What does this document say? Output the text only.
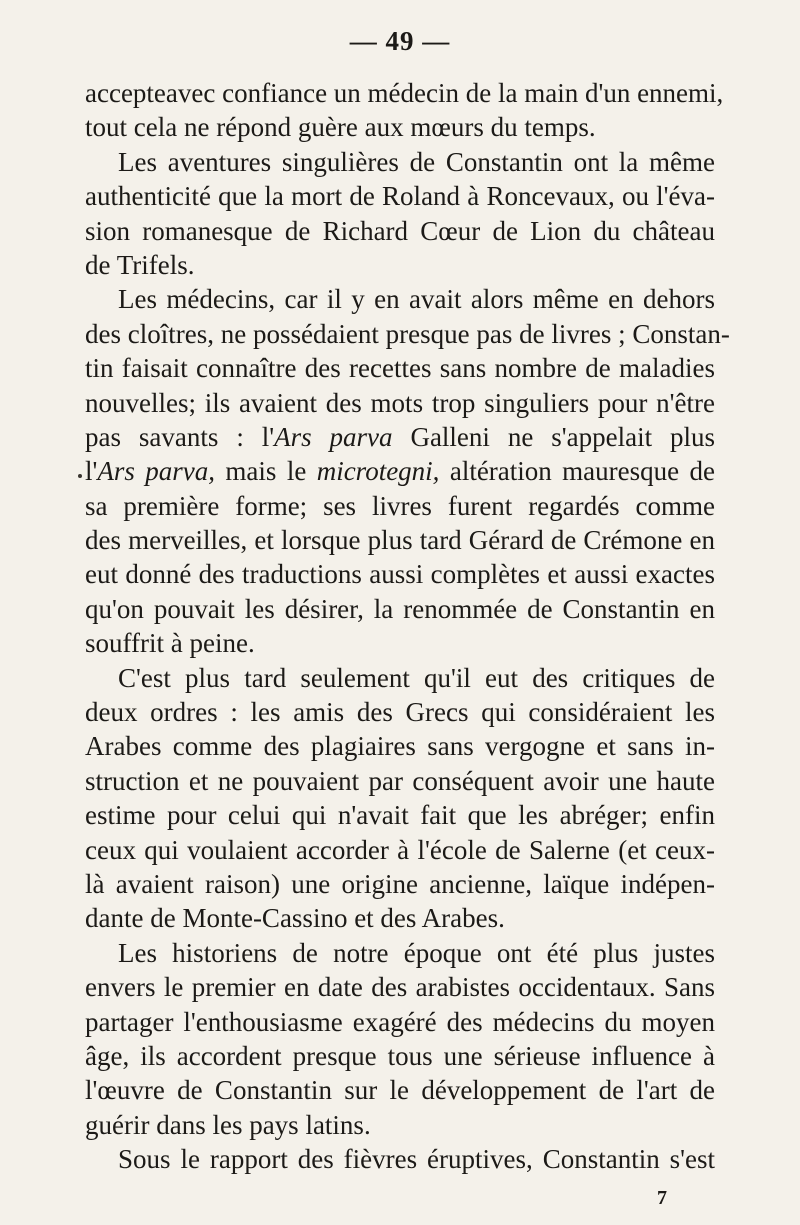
— 49 —
accepteavec confiance un médecin de la main d'un ennemi,
tout cela ne répond guère aux mœurs du temps.
Les aventures singulières de Constantin ont la même
authenticité que la mort de Roland à Roncevaux, ou l'éva-
sion romanesque de Richard Cœur de Lion du château
de Trifels.
Les médecins, car il y en avait alors même en dehors
des cloîtres, ne possédaient presque pas de livres ; Constan-
tin faisait connaître des recettes sans nombre de maladies
nouvelles; ils avaient des mots trop singuliers pour n'être
pas savants : l'Ars parva Galleni ne s'appelait plus
l'Ars parva, mais le microtegni, altération mauresque de
sa première forme; ses livres furent regardés comme
des merveilles, et lorsque plus tard Gérard de Crémone en
eut donné des traductions aussi complètes et aussi exactes
qu'on pouvait les désirer, la renommée de Constantin en
souffrit à peine.
C'est plus tard seulement qu'il eut des critiques de
deux ordres : les amis des Grecs qui considéraient les
Arabes comme des plagiaires sans vergogne et sans in-
struction et ne pouvaient par conséquent avoir une haute
estime pour celui qui n'avait fait que les abréger; enfin
ceux qui voulaient accorder à l'école de Salerne (et ceux-
là avaient raison) une origine ancienne, laïque indépen-
dante de Monte-Cassino et des Arabes.
Les historiens de notre époque ont été plus justes
envers le premier en date des arabistes occidentaux. Sans
partager l'enthousiasme exagéré des médecins du moyen
âge, ils accordent presque tous une sérieuse influence à
l'œuvre de Constantin sur le développement de l'art de
guérir dans les pays latins.
Sous le rapport des fièvres éruptives, Constantin s'est
7
